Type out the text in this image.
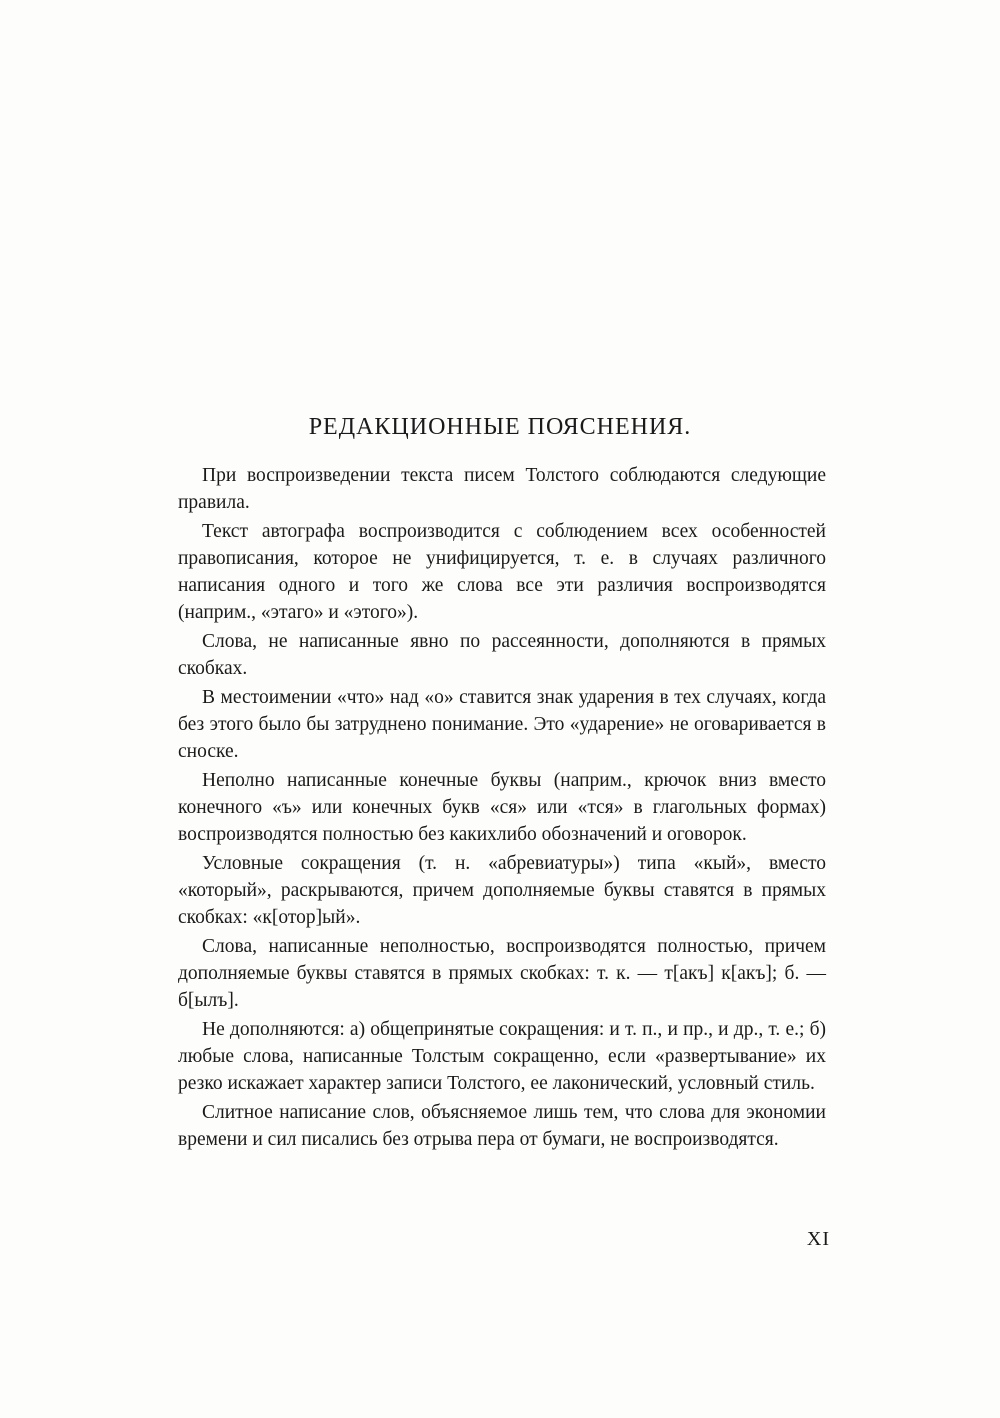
РЕДАКЦИОННЫЕ ПОЯСНЕНИЯ.

При воспроизведении текста писем Толстого соблюдаются следующие правила.

Текст автографа воспроизводится с соблюдением всех особенностей правописания, которое не унифицируется, т. е. в случаях различного написания одного и того же слова все эти различия воспроизводятся (наприм., «этаго» и «этого»).

Слова, не написанные явно по рассеянности, дополняются в прямых скобках.

В местоимении «что» над «о» ставится знак ударения в тех случаях, когда без этого было бы затруднено понимание. Это «ударение» не оговаривается в сноске.

Неполно написанные конечные буквы (наприм., крючок вниз вместо конечного «ъ» или конечных букв «ся» или «тся» в глагольных формах) воспроизводятся полностью без какихлибо обозначений и оговорок.

Условные сокращения (т. н. «абревиатуры») типа «кый», вместо «который», раскрываются, причем дополняемые буквы ставятся в прямых скобках: «к[отор]ый».

Слова, написанные неполностью, воспроизводятся полностью, причем дополняемые буквы ставятся в прямых скобках: т. к. — т[акъ] к[акъ]; б. — б[ылъ].

Не дополняются: а) общепринятые сокращения: и т. п., и пр., и др., т. е.; б) любые слова, написанные Толстым сокращенно, если «развертывание» их резко искажает характер записи Толстого, ее лаконический, условный стиль.

Слитное написание слов, объясняемое лишь тем, что слова для экономии времени и сил писались без отрыва пера от бумаги, не воспроизводятся.

XI
